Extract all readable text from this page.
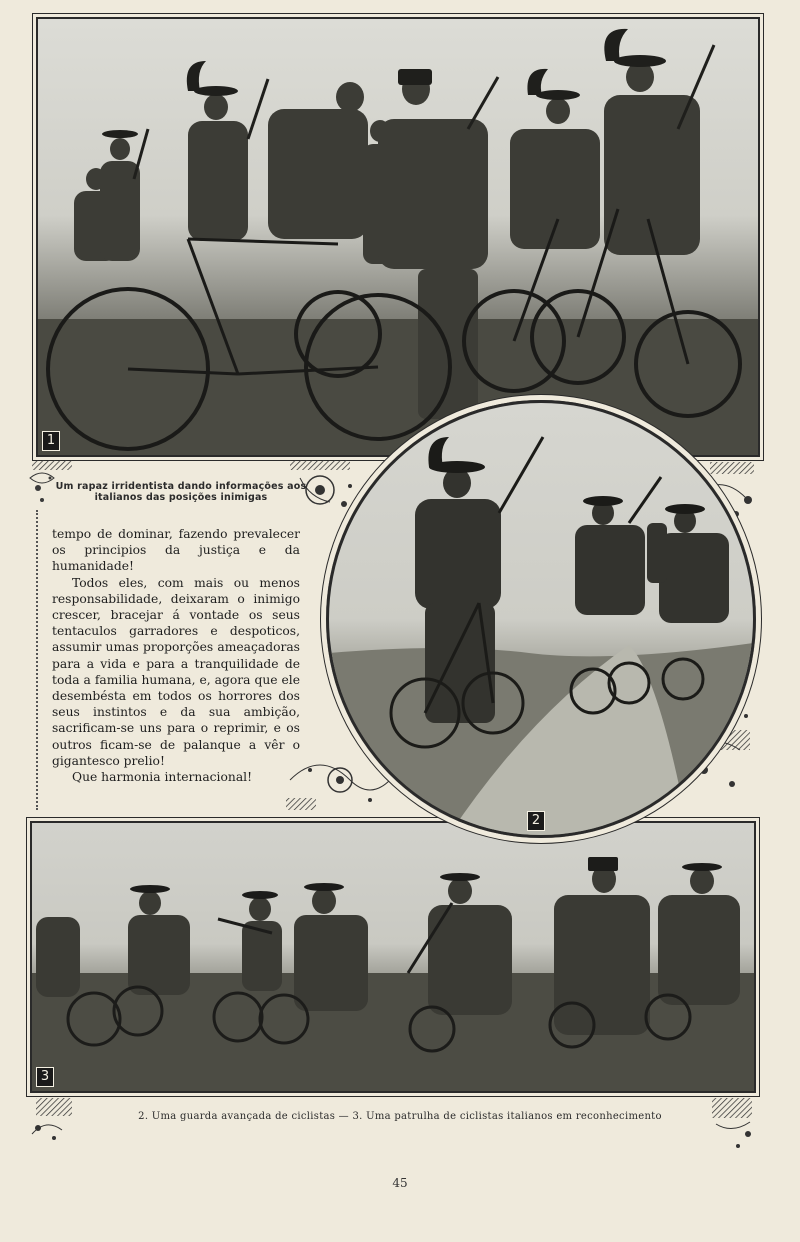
1
Um rapaz irridentista dando informações aos italianos das posições inimigas

tempo de dominar, fazendo prevalecer os principios da justiça e da humanidade!

Todos eles, com mais ou menos responsabilidade, deixaram o inimigo crescer, bracejar á vontade os seus tentaculos garradores e despoticos, assumir umas proporções ameaçadoras para a vida e para a tranquilidade de toda a familia humana, e, agora que ele desembésta em todos os horrores dos seus instintos e da sua ambição, sacrificam-se uns para o reprimir, e os outros ficam-se de palanque a vêr o gigantesco prelio!

Que harmonia internacional!

2
3
2. Uma guarda avançada de ciclistas — 3. Uma patrulha de ciclistas italianos em reconhecimento
45
